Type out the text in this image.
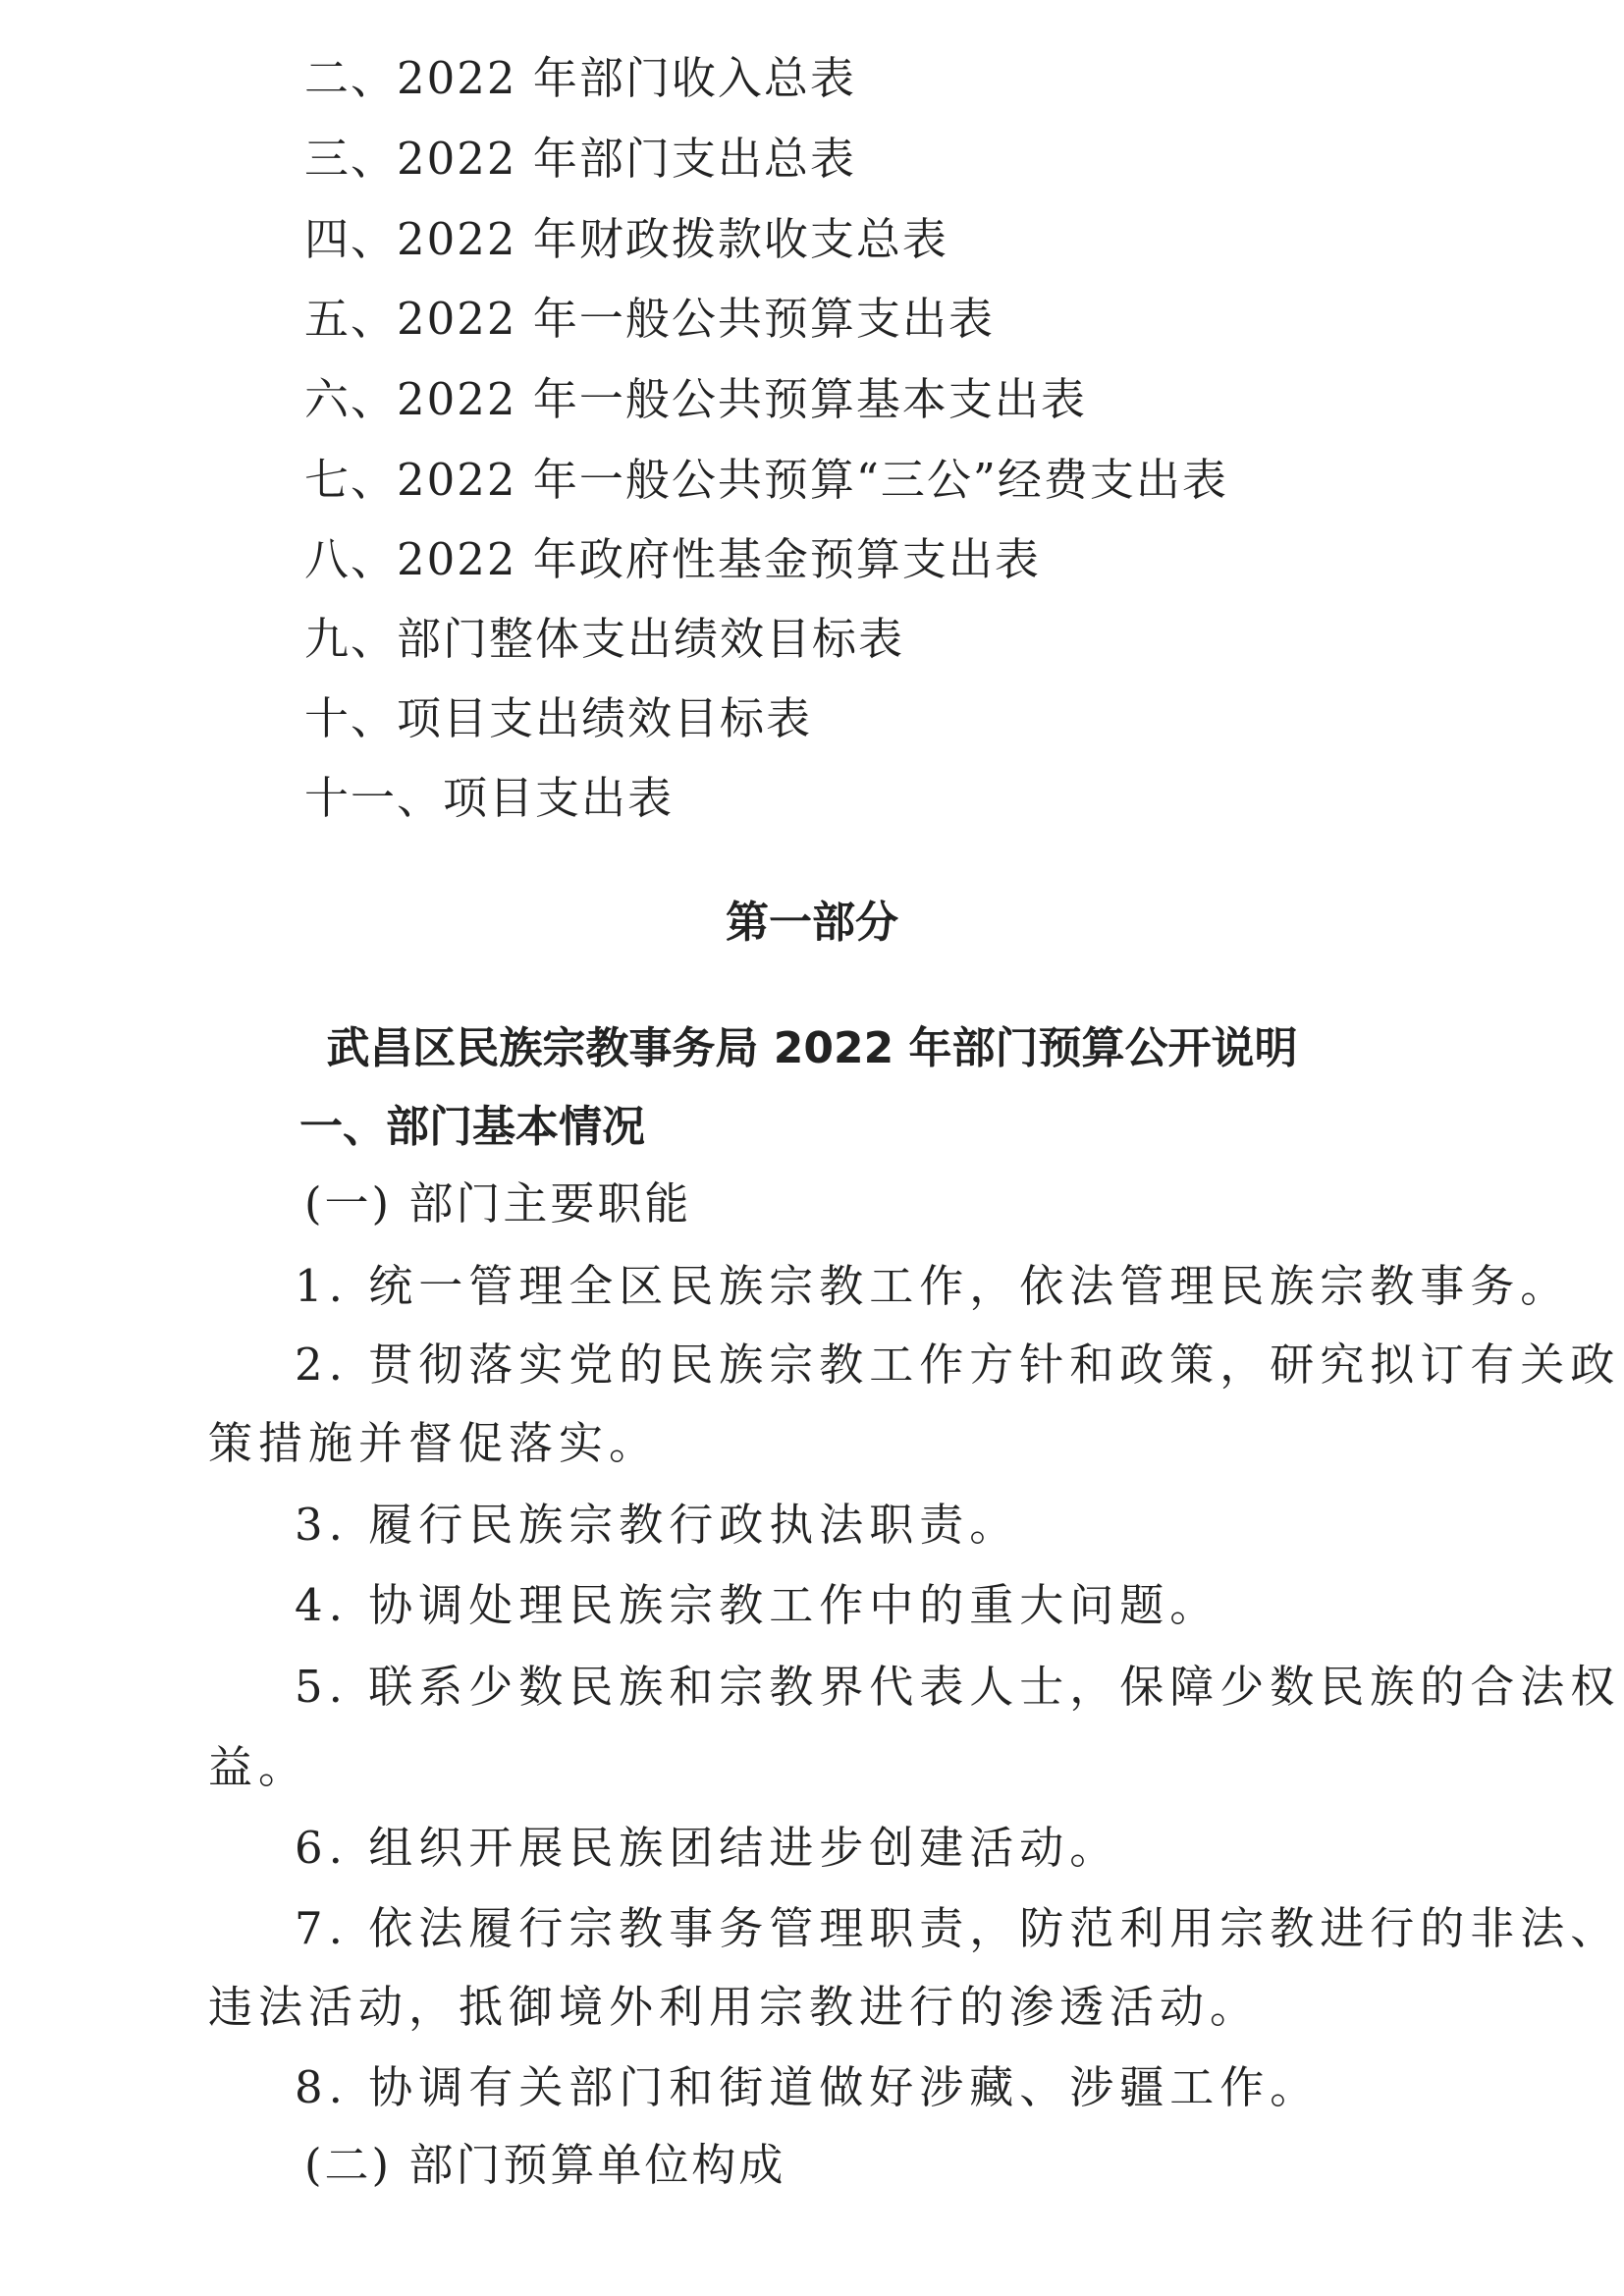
二、2022 年部门收入总表
三、2022 年部门支出总表
四、2022 年财政拨款收支总表
五、2022 年一般公共预算支出表
六、2022 年一般公共预算基本支出表
七、2022 年一般公共预算“三公”经费支出表
八、2022 年政府性基金预算支出表
九、部门整体支出绩效目标表
十、项目支出绩效目标表
十一、项目支出表
第一部分
武昌区民族宗教事务局 2022 年部门预算公开说明
一、部门基本情况
(一) 部门主要职能
1. 统一管理全区民族宗教工作，依法管理民族宗教事务。
2. 贯彻落实党的民族宗教工作方针和政策，研究拟订有关政
策措施并督促落实。
3. 履行民族宗教行政执法职责。
4. 协调处理民族宗教工作中的重大问题。
5. 联系少数民族和宗教界代表人士，保障少数民族的合法权
益。
6. 组织开展民族团结进步创建活动。
7. 依法履行宗教事务管理职责，防范利用宗教进行的非法、
违法活动，抵御境外利用宗教进行的渗透活动。
8. 协调有关部门和街道做好涉藏、涉疆工作。
(二) 部门预算单位构成
